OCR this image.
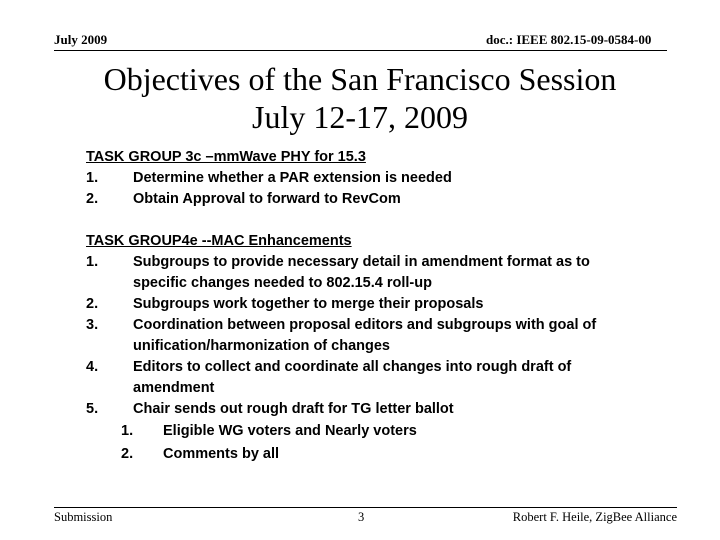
July 2009	doc.: IEEE 802.15-09-0584-00
Objectives of the San Francisco Session
July 12-17, 2009
TASK GROUP 3c –mmWave PHY for 15.3
1. Determine whether a PAR extension is needed
2. Obtain Approval to forward to RevCom
TASK GROUP4e --MAC Enhancements
1. Subgroups to provide necessary detail in amendment format as to
specific changes needed to 802.15.4 roll-up
2. Subgroups work together to merge their proposals
3. Coordination between proposal editors and subgroups with goal of
unification/harmonization of changes
4. Editors to collect and coordinate all changes into rough draft of
amendment
5. Chair sends out rough draft for TG letter ballot
1. Eligible WG voters and Nearly voters
2. Comments by all
Submission	3	Robert F. Heile, ZigBee Alliance
